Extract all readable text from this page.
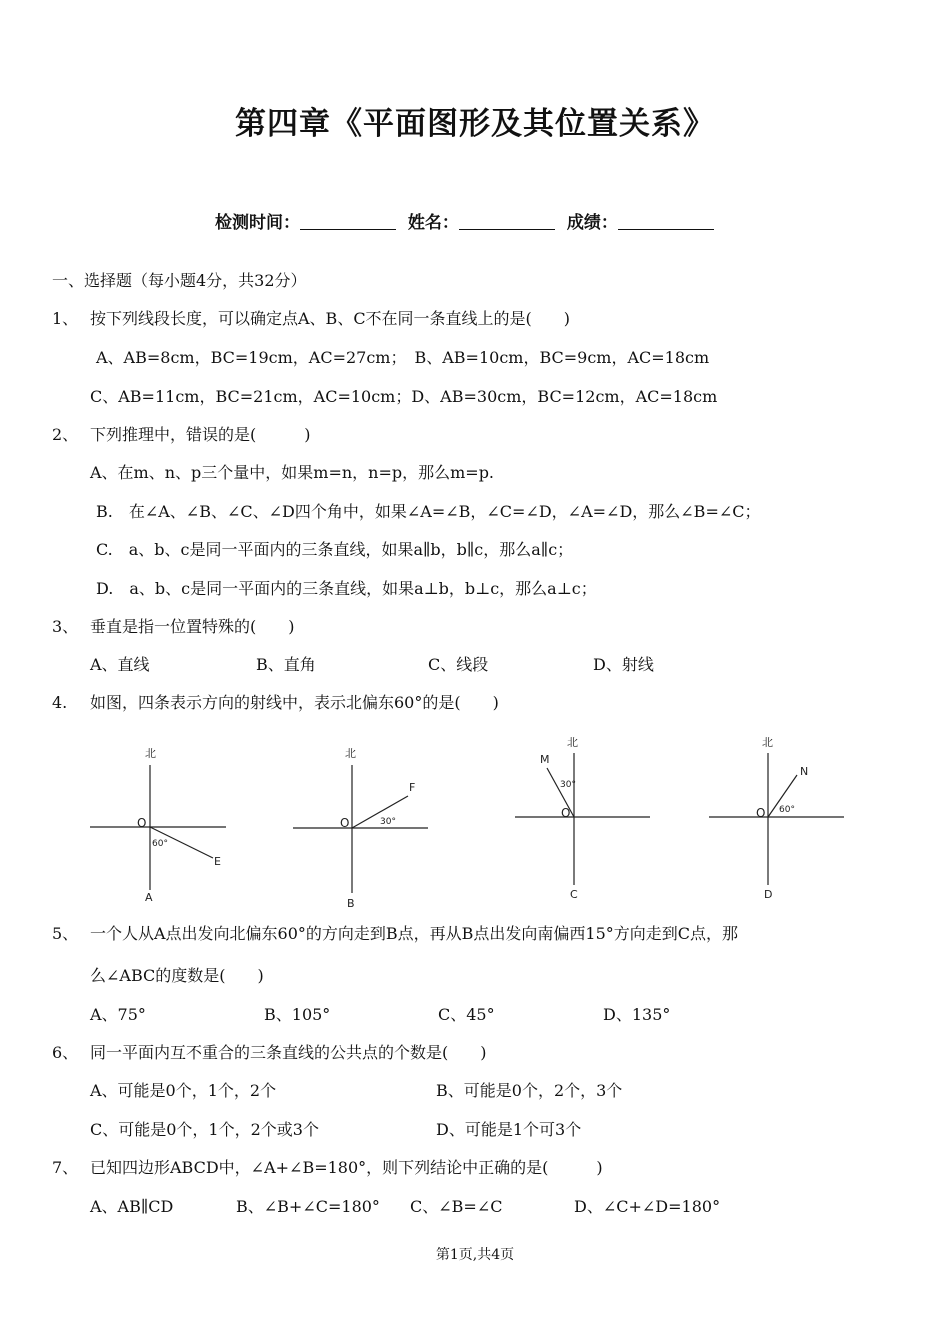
第四章《平面图形及其位置关系》
检测时间：	姓名：	成绩：
一、选择题（每小题4分，共32分）
1、 按下列线段长度，可以确定点A、B、C不在同一条直线上的是(　　)
A、AB=8cm，BC=19cm，AC=27cm；　B、AB=10cm，BC=9cm，AC=18cm
C、AB=11cm，BC=21cm，AC=10cm；D、AB=30cm，BC=12cm，AC=18cm
2、 下列推理中，错误的是(　　　)
A、在m、n、p三个量中，如果m=n，n=p，那么m=p.
B.　在∠A、∠B、∠C、∠D四个角中，如果∠A=∠B，∠C=∠D，∠A=∠D，那么∠B=∠C；
C.　a、b、c是同一平面内的三条直线，如果a∥b，b∥c，那么a∥c；
D.　a、b、c是同一平面内的三条直线，如果a⊥b，b⊥c，那么a⊥c；
3、 垂直是指一位置特殊的(　　)
A、直线	B、直角	C、线段	D、射线
4. 如图，四条表示方向的射线中，表示北偏东60°的是(　　)
北
O
60°
E
A
北
O	30°
F
B
北
O
30°
M
C
北
O 60°
N
D
5、 一个人从A点出发向北偏东60°的方向走到B点，再从B点出发向南偏西15°方向走到C点，那
么∠ABC的度数是(　　)
A、75°	B、105°	C、45°	D、135°
6、 同一平面内互不重合的三条直线的公共点的个数是(　　)
A、可能是0个，1个，2个	B、可能是0个，2个，3个
C、可能是0个，1个，2个或3个	D、可能是1个可3个
7、 已知四边形ABCD中，∠A+∠B=180°，则下列结论中正确的是(　　　)
A、AB∥CD	B、∠B+∠C=180° C、∠B=∠C	D、∠C+∠D=180°
第1页,共4页
